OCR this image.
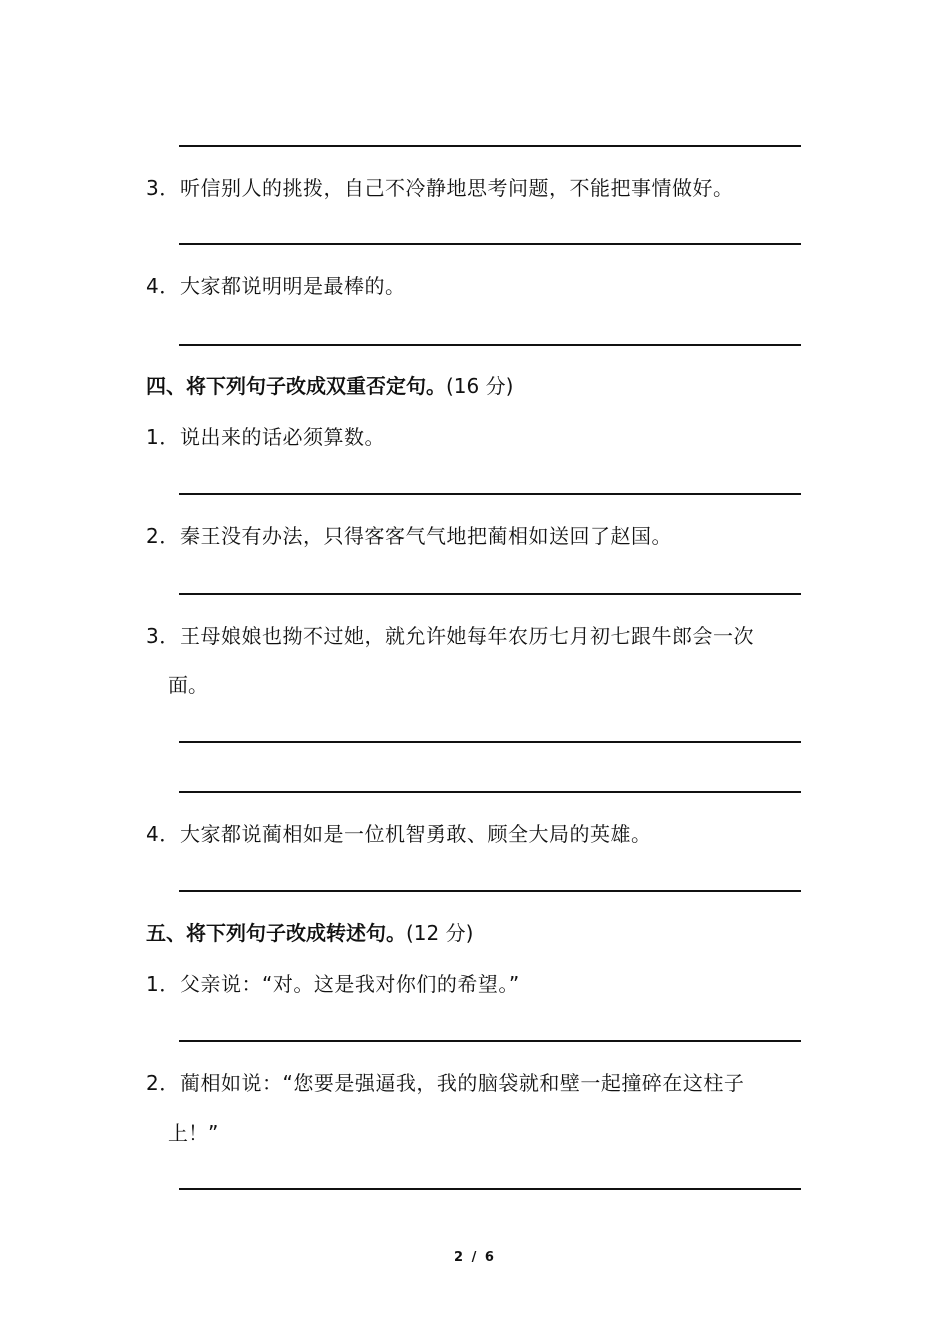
3．听信别人的挑拨，自己不冷静地思考问题，不能把事情做好。
4．大家都说明明是最棒的。
四、将下列句子改成双重否定句。(16 分)
1．说出来的话必须算数。
2．秦王没有办法，只得客客气气地把蔺相如送回了赵国。
3．王母娘娘也拗不过她，就允许她每年农历七月初七跟牛郎会一次
面。
4．大家都说蔺相如是一位机智勇敢、顾全大局的英雄。
五、将下列句子改成转述句。(12 分)
1．父亲说：“对。这是我对你们的希望。”
2．蔺相如说：“您要是强逼我，我的脑袋就和壁一起撞碎在这柱子
上！”
2 / 6
